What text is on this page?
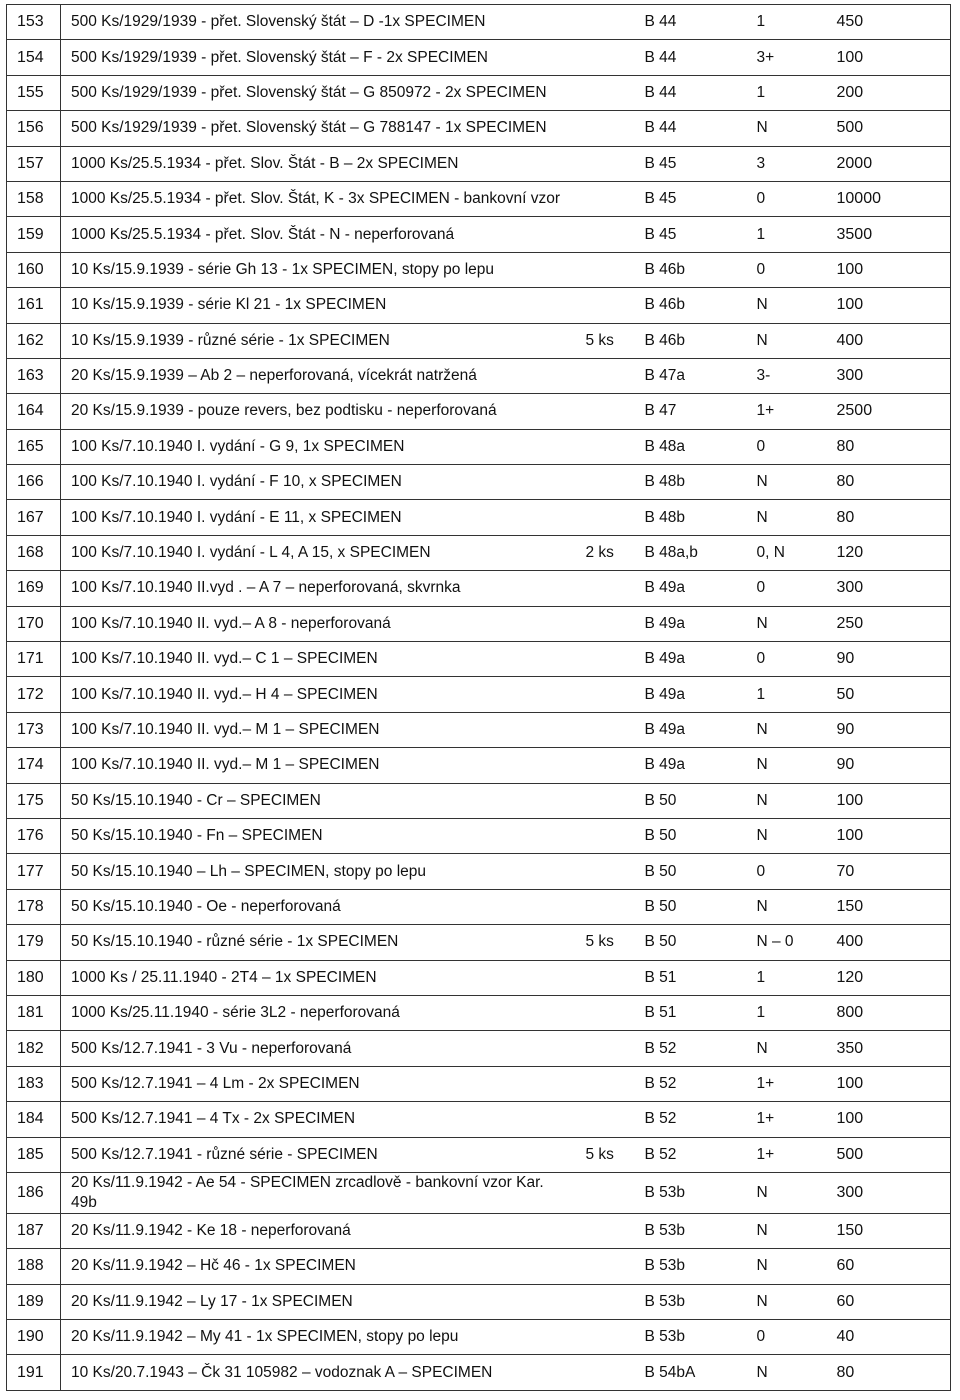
153	500 Ks/1929/1939 - přet. Slovenský štát – D -1x SPECIMEN		B 44	1	450
154	500 Ks/1929/1939 - přet. Slovenský štát – F - 2x SPECIMEN		B 44	3+	100
155	500 Ks/1929/1939 - přet. Slovenský štát – G 850972 - 2x SPECIMEN		B 44	1	200
156	500 Ks/1929/1939 - přet. Slovenský štát – G 788147 - 1x SPECIMEN		B 44	N	500
157	1000 Ks/25.5.1934 - přet. Slov. Štát - B – 2x SPECIMEN		B 45	3	2000
158	1000 Ks/25.5.1934 - přet. Slov. Štát, K - 3x SPECIMEN - bankovní vzor		B 45	0	10000
159	1000 Ks/25.5.1934 - přet. Slov. Štát - N - neperforovaná		B 45	1	3500
160	10 Ks/15.9.1939 - série Gh 13 - 1x SPECIMEN, stopy po lepu		B 46b	0	100
161	10 Ks/15.9.1939 - série Kl 21 - 1x SPECIMEN		B 46b	N	100
162	10 Ks/15.9.1939 - různé série - 1x SPECIMEN	5 ks	B 46b	N	400
163	20 Ks/15.9.1939 – Ab 2 – neperforovaná, vícekrát natržená		B 47a	3-	300
164	20 Ks/15.9.1939 - pouze revers, bez podtisku - neperforovaná		B 47	1+	2500
165	100 Ks/7.10.1940 I. vydání - G 9, 1x SPECIMEN		B 48a	0	80
166	100 Ks/7.10.1940 I. vydání - F 10, x SPECIMEN		B 48b	N	80
167	100 Ks/7.10.1940 I. vydání - E 11, x SPECIMEN		B 48b	N	80
168	100 Ks/7.10.1940 I. vydání - L 4, A 15, x SPECIMEN	2 ks	B 48a,b	0, N	120
169	100 Ks/7.10.1940 II.vyd . – A 7 – neperforovaná, skvrnka		B 49a	0	300
170	100 Ks/7.10.1940 II. vyd.– A 8 - neperforovaná		B 49a	N	250
171	100 Ks/7.10.1940 II. vyd.– C 1 – SPECIMEN		B 49a	0	90
172	100 Ks/7.10.1940 II. vyd.– H 4 – SPECIMEN		B 49a	1	50
173	100 Ks/7.10.1940 II. vyd.– M 1 – SPECIMEN		B 49a	N	90
174	100 Ks/7.10.1940 II. vyd.– M 1 – SPECIMEN		B 49a	N	90
175	50 Ks/15.10.1940 - Cr – SPECIMEN		B 50	N	100
176	50 Ks/15.10.1940 - Fn – SPECIMEN		B 50	N	100
177	50 Ks/15.10.1940 – Lh – SPECIMEN, stopy po lepu		B 50	0	70
178	50 Ks/15.10.1940 - Oe - neperforovaná		B 50	N	150
179	50 Ks/15.10.1940 - různé série - 1x SPECIMEN	5 ks	B 50	N – 0	400
180	1000 Ks / 25.11.1940 - 2T4 – 1x SPECIMEN		B 51	1	120
181	1000 Ks/25.11.1940 - série 3L2 - neperforovaná		B 51	1	800
182	500 Ks/12.7.1941 - 3 Vu - neperforovaná		B 52	N	350
183	500 Ks/12.7.1941 – 4 Lm - 2x SPECIMEN		B 52	1+	100
184	500 Ks/12.7.1941 – 4 Tx - 2x SPECIMEN		B 52	1+	100
185	500 Ks/12.7.1941 - různé série - SPECIMEN	5 ks	B 52	1+	500
186	20 Ks/11.9.1942 - Ae 54 - SPECIMEN zrcadlově - bankovní vzor Kar. 49b		B 53b	N	300
187	20 Ks/11.9.1942 - Ke 18 - neperforovaná		B 53b	N	150
188	20 Ks/11.9.1942 – Hč 46 - 1x SPECIMEN		B 53b	N	60
189	20 Ks/11.9.1942 – Ly 17 - 1x SPECIMEN		B 53b	N	60
190	20 Ks/11.9.1942 – My 41 - 1x SPECIMEN, stopy po lepu		B 53b	0	40
191	10 Ks/20.7.1943 – Čk 31 105982 – vodoznak A – SPECIMEN		B 54bA	N	80
